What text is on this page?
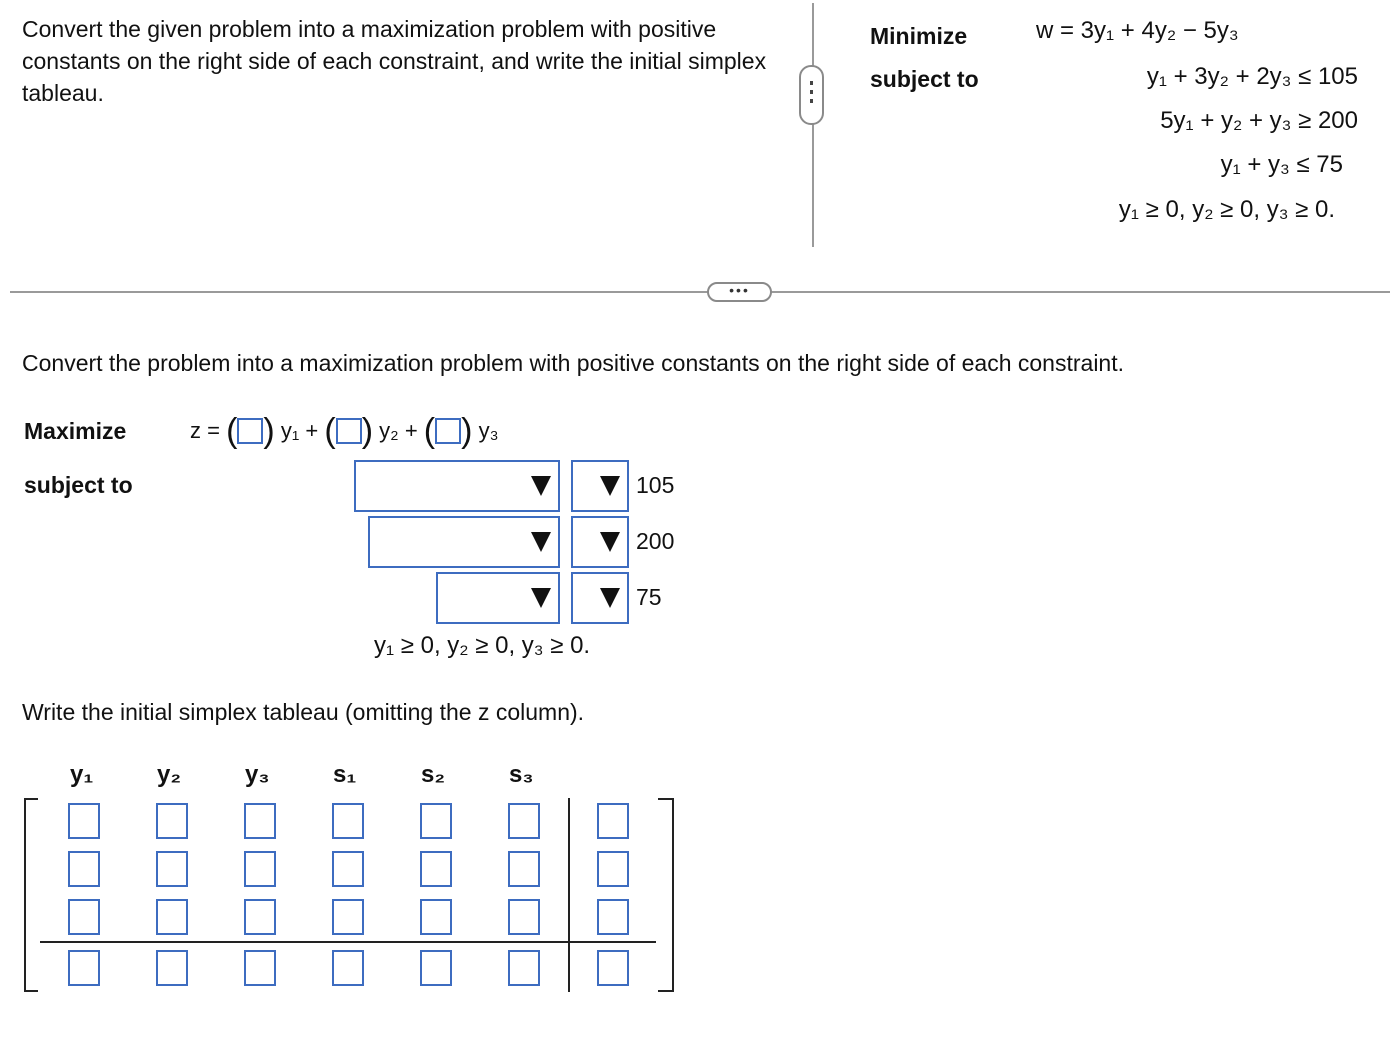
Convert the given problem into a maximization problem with positive constants on the right side of each constraint, and write the initial simplex tableau.
Minimize
subject to
w = 3y₁ + 4y₂ − 5y₃
y₁ + 3y₂ + 2y₃ ≤ 105
5y₁ + y₂ + y₃ ≥ 200
y₁ + y₃ ≤ 75
y₁ ≥ 0, y₂ ≥ 0, y₃ ≥ 0.
•••
Convert the problem into a maximization problem with positive constants on the right side of each constraint.
Maximize
subject to
z = ( ) y₁ + ( ) y₂ + ( ) y₃
105
200
75
y₁ ≥ 0, y₂ ≥ 0, y₃ ≥ 0.
Write the initial simplex tableau (omitting the z column).
y₁	y₂	y₃	s₁	s₂	s₃
